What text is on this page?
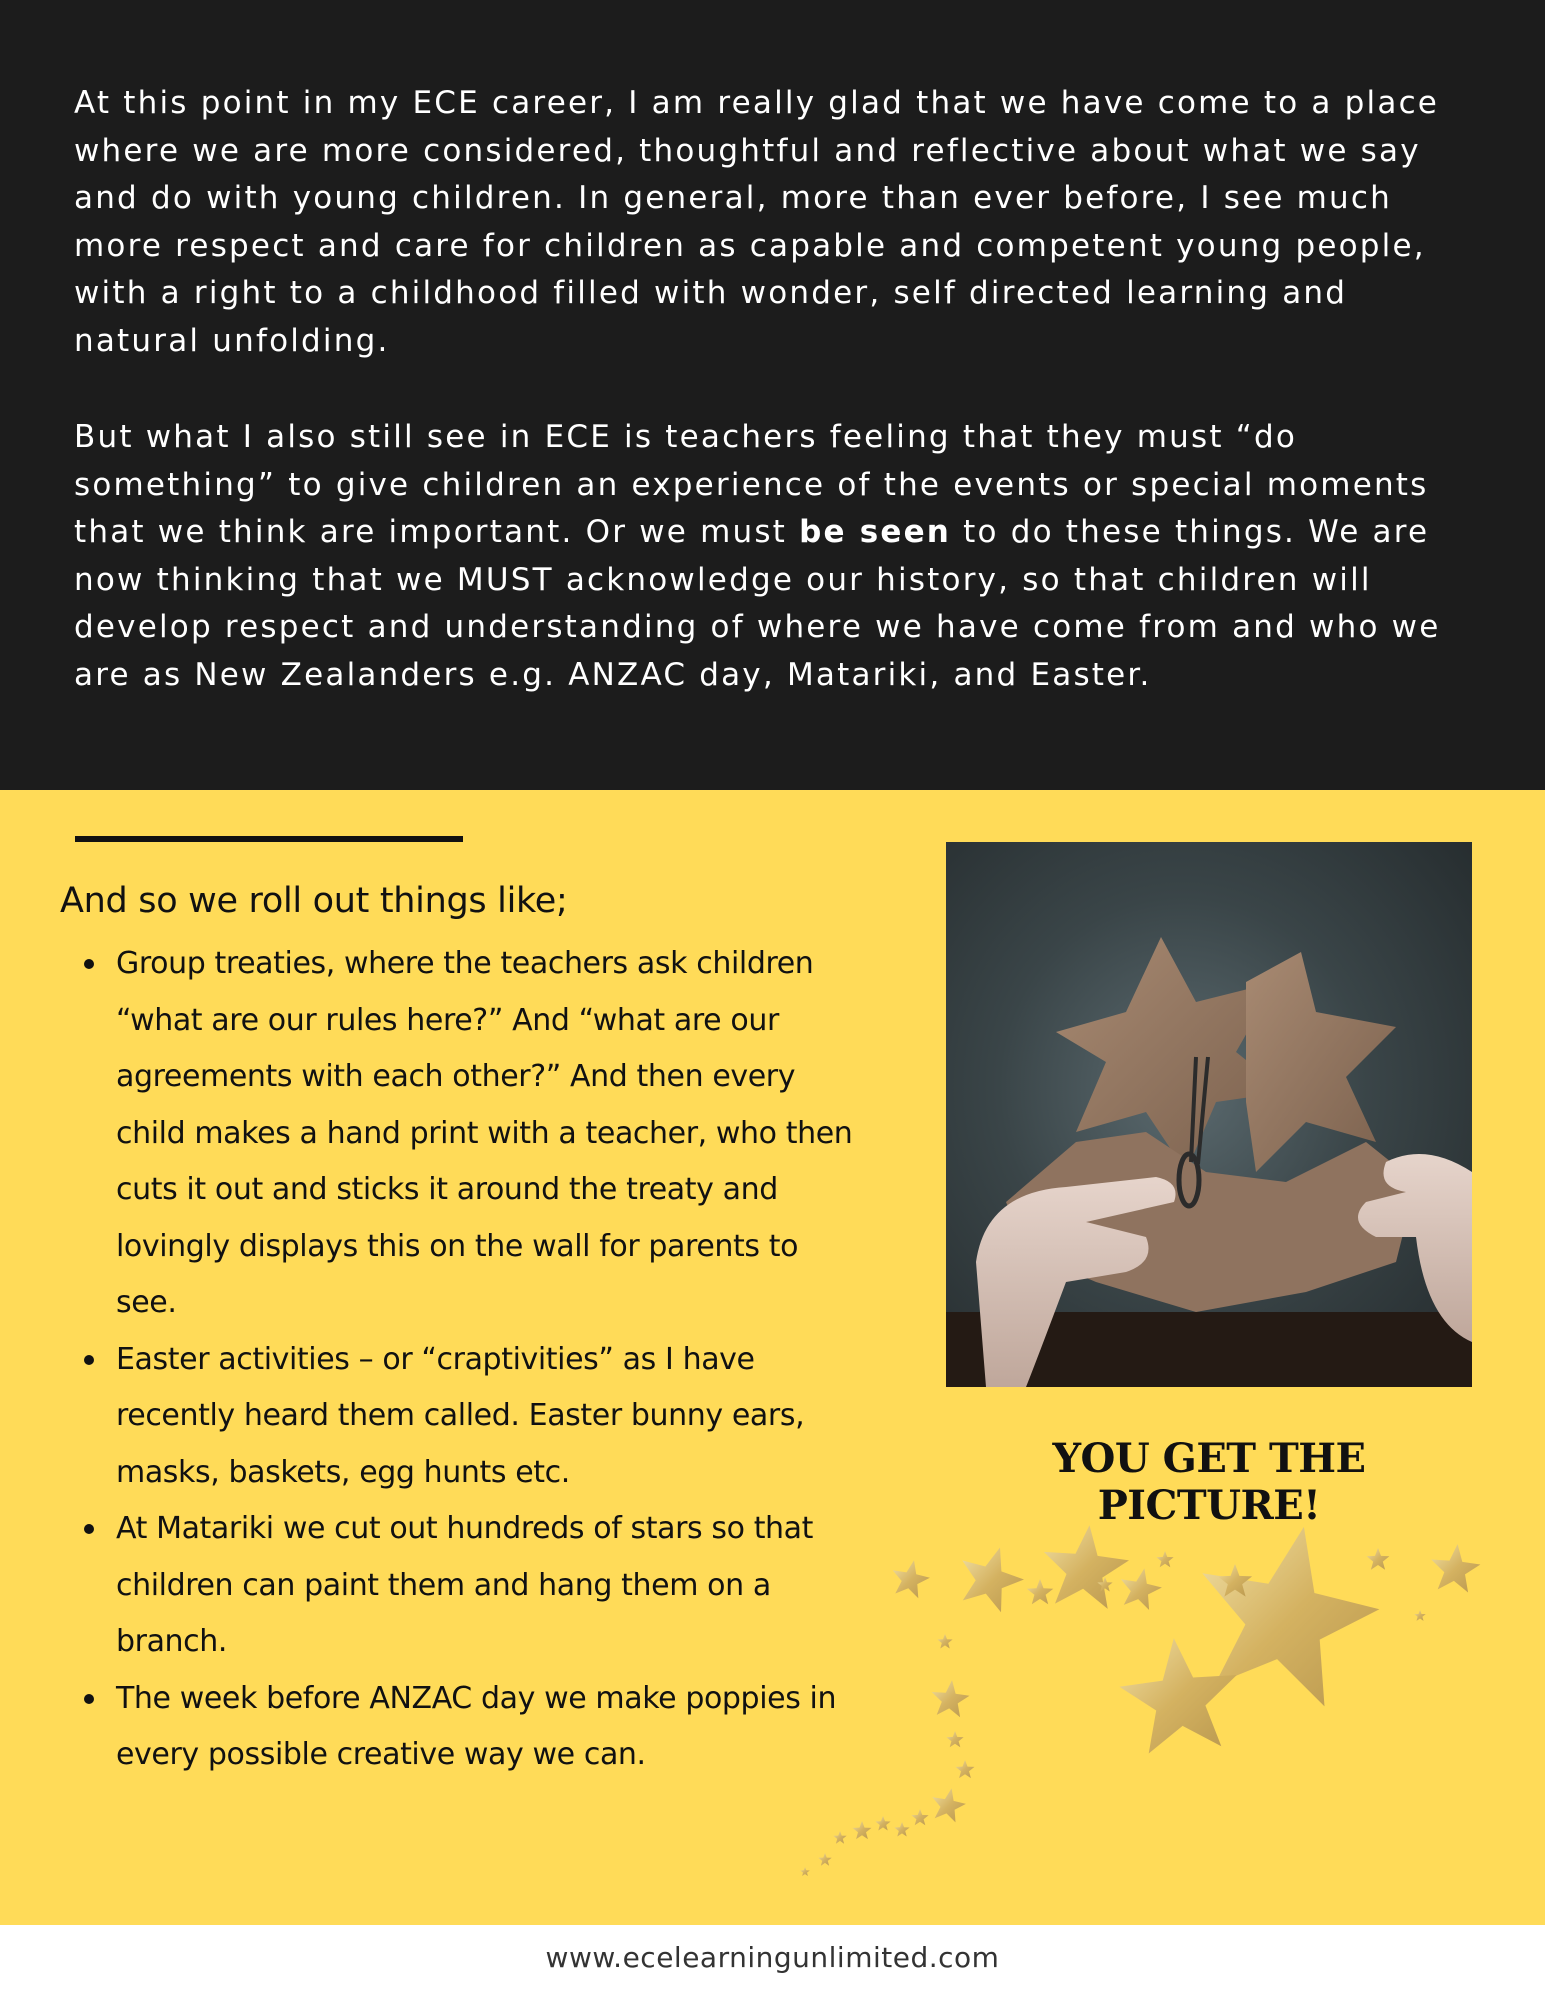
At this point in my ECE career, I am really glad that we have come to a place where we are more considered, thoughtful and reflective about what we say and do with young children. In general, more than ever before, I see much more respect and care for children as capable and competent young people, with a right to a childhood filled with wonder, self directed learning and natural unfolding.

But what I also still see in ECE is teachers feeling that they must “do something” to give children an experience of the events or special moments that we think are important. Or we must be seen to do these things. We are now thinking that we MUST acknowledge our history, so that children will develop respect and understanding of where we have come from and who we are as New Zealanders e.g. ANZAC day, Matariki, and Easter.

And so we roll out things like;

Group treaties, where the teachers ask children “what are our rules here?” And “what are our agreements with each other?” And then every child makes a hand print with a teacher, who then cuts it out and sticks it around the treaty and lovingly displays this on the wall for parents to see.
Easter activities – or “craptivities” as I have recently heard them called. Easter bunny ears, masks, baskets, egg hunts etc.
At Matariki we cut out hundreds of stars so that children can paint them and hang them on a branch.
The week before ANZAC day we make poppies in every possible creative way we can.

YOU GET THE PICTURE!

www.ecelearningunlimited.com
